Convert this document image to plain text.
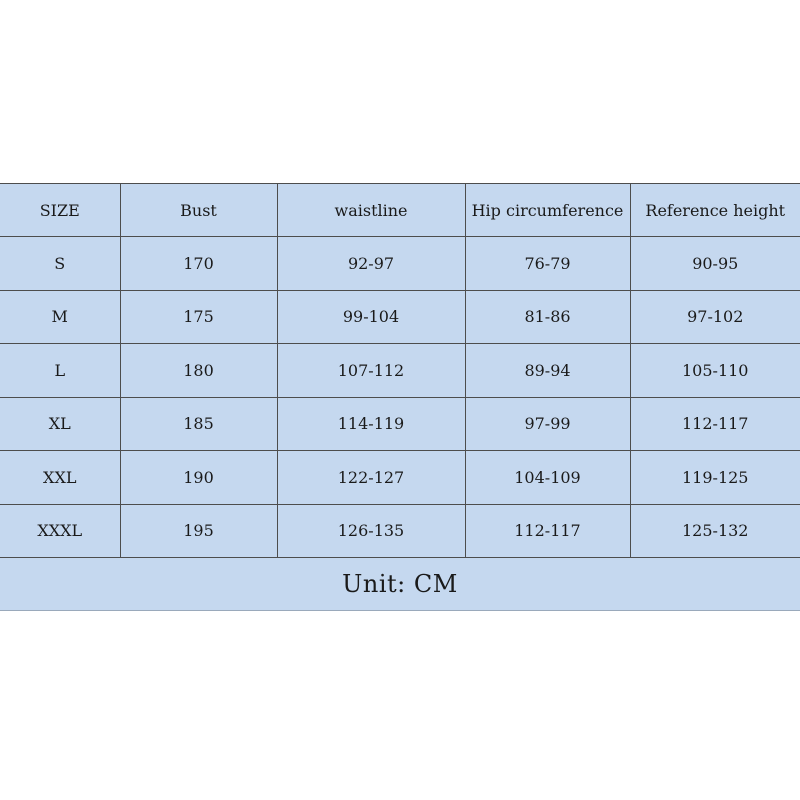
SIZE	Bust	waistline	Hip circumference	Reference height
S	170	92-97	76-79	90-95
M	175	99-104	81-86	97-102
L	180	107-112	89-94	105-110
XL	185	114-119	97-99	112-117
XXL	190	122-127	104-109	119-125
XXXL	195	126-135	112-117	125-132
Unit: CM				
